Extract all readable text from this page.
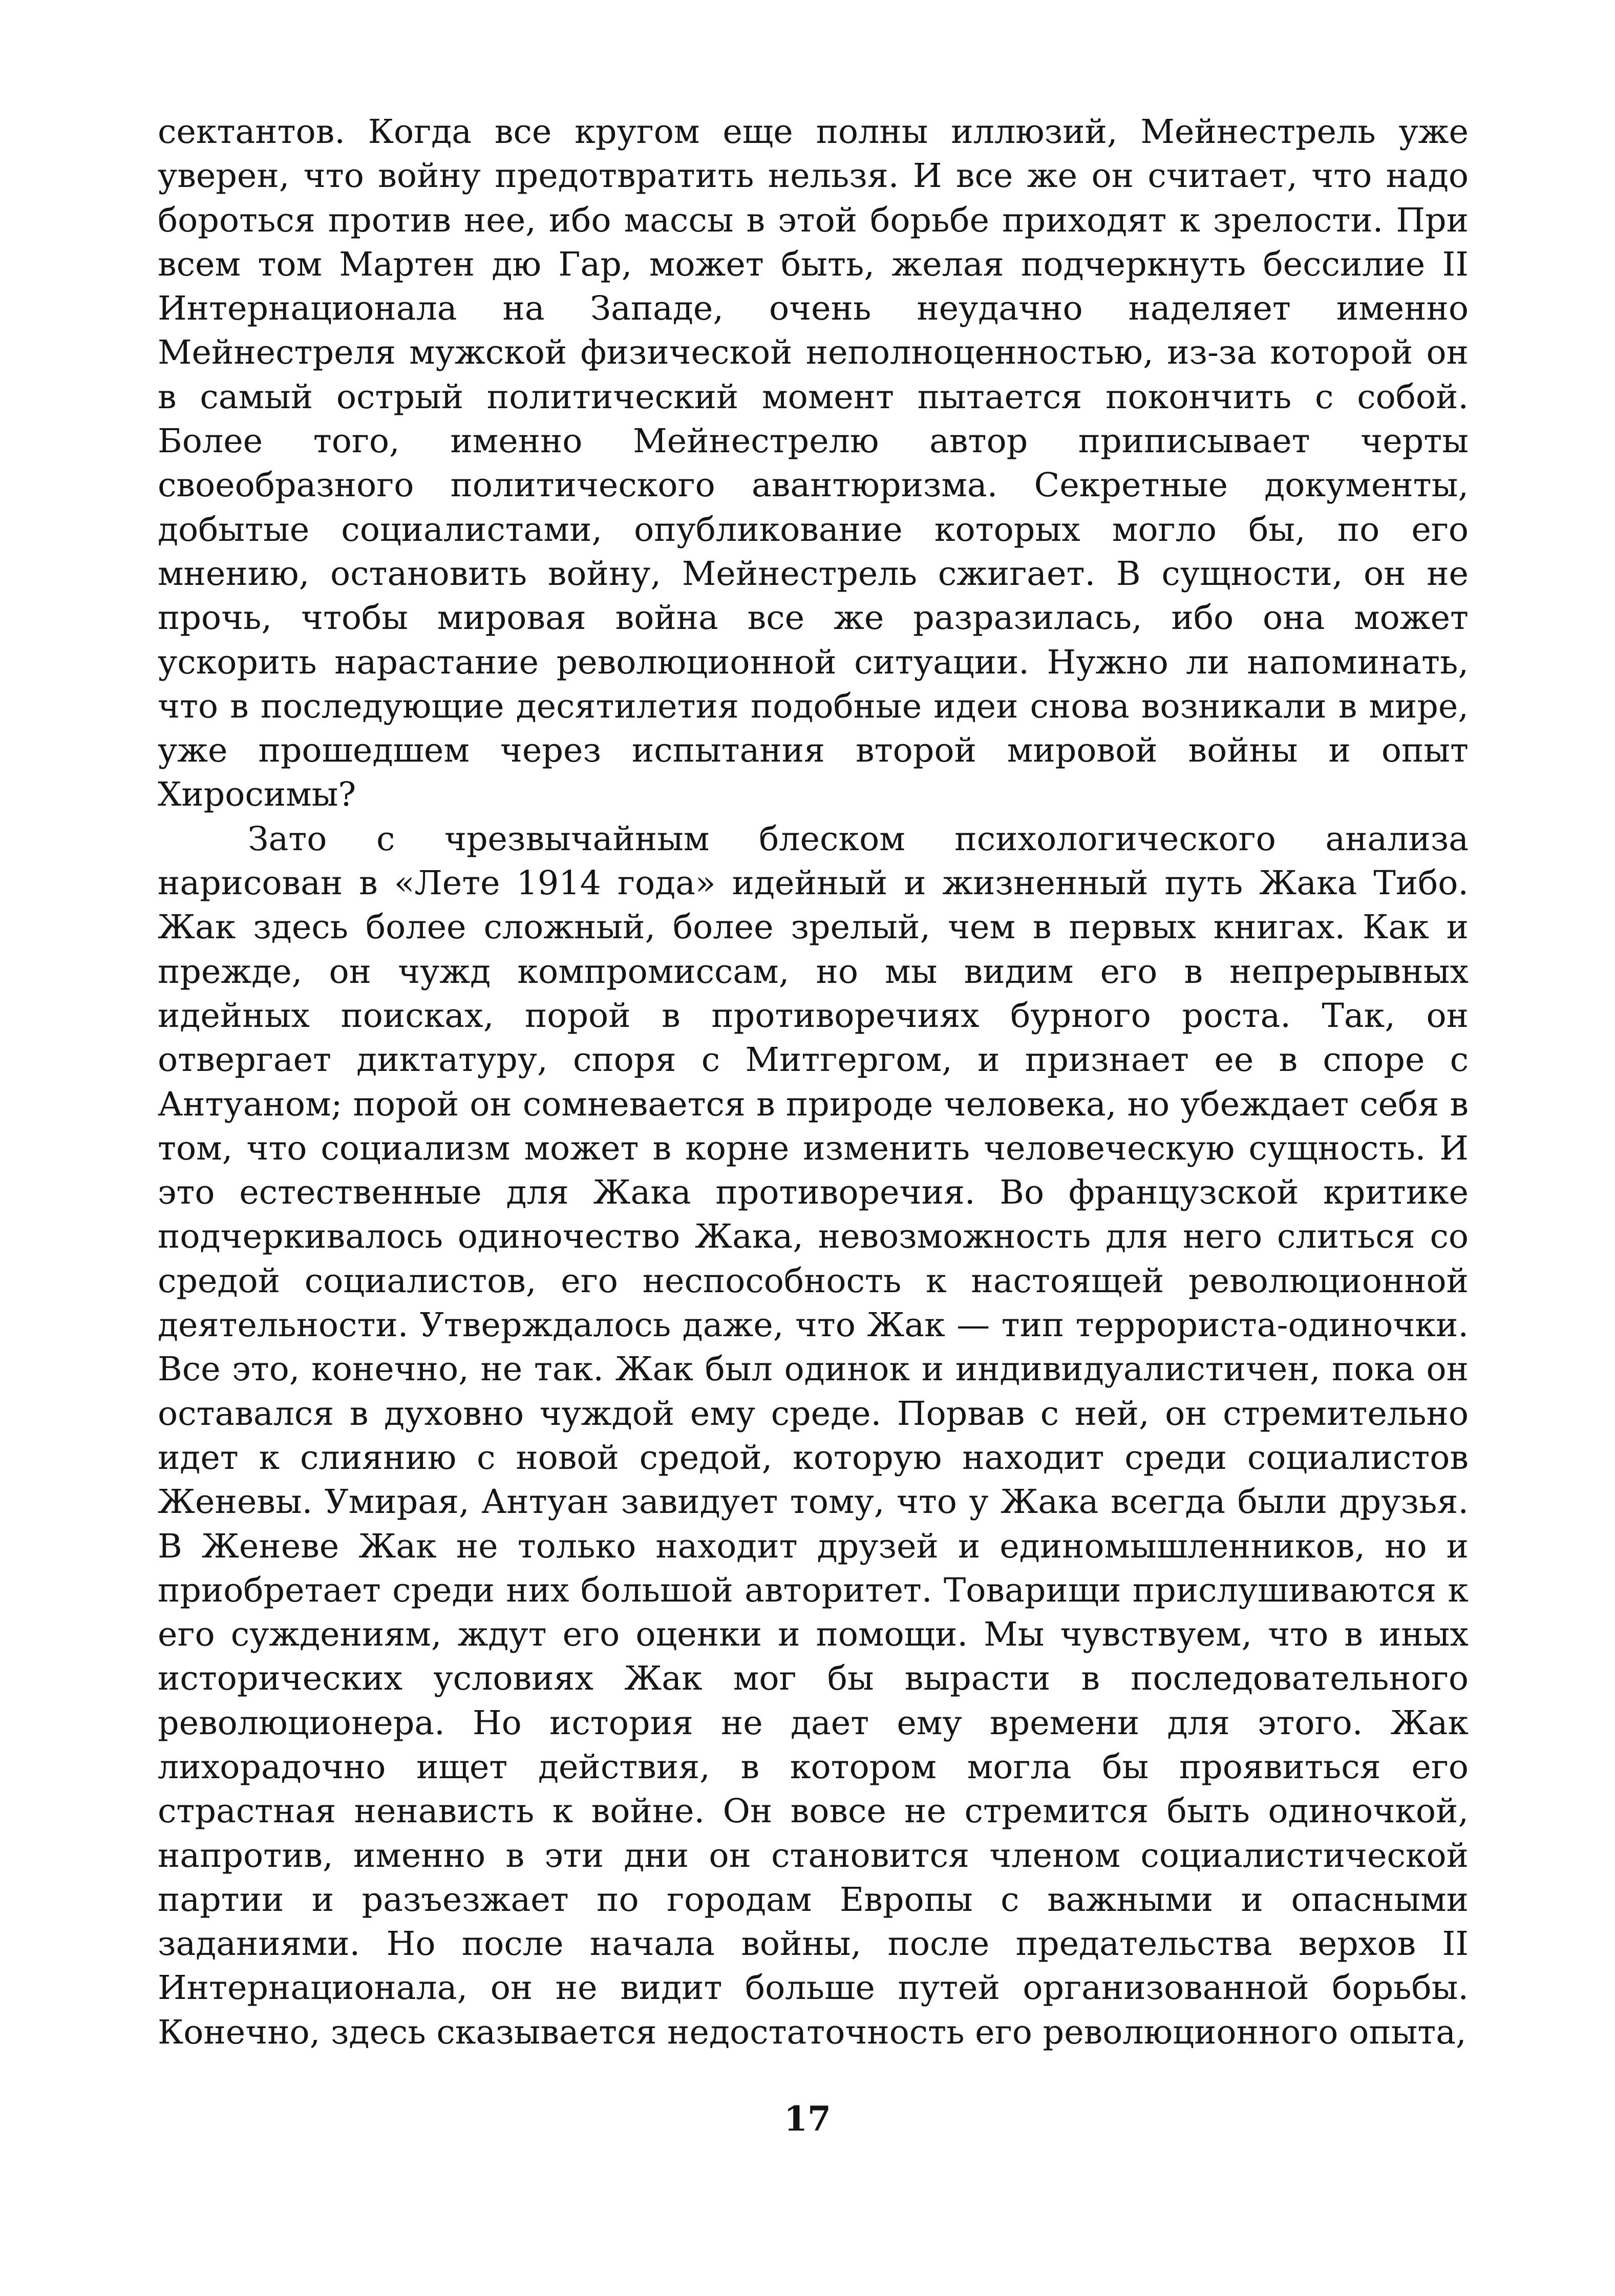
сектантов. Когда все кругом еще полны иллюзий, Мейнестрель уже уверен, что войну предотвратить нельзя. И все же он считает, что надо бороться против нее, ибо массы в этой борьбе приходят к зрелости. При всем том Мартен дю Гар, может быть, желая подчеркнуть бессилие II Интернационала на Западе, очень неудачно наделяет именно Мейнестреля мужской физической неполноценностью, из-за которой он в самый острый политический момент пытается покончить с собой. Более того, именно Мейнестрелю автор приписывает черты своеобразного политического авантюризма. Секретные документы, добытые социалистами, опубликование которых могло бы, по его мнению, остановить войну, Мейнестрель сжигает. В сущности, он не прочь, чтобы мировая война все же разразилась, ибо она может ускорить нарастание революционной ситуации. Нужно ли напоминать, что в последующие десятилетия подобные идеи снова возникали в мире, уже прошедшем через испытания второй мировой войны и опыт Хиросимы?

Зато с чрезвычайным блеском психологического анализа нарисован в «Лете 1914 года» идейный и жизненный путь Жака Тибо. Жак здесь более сложный, более зрелый, чем в первых книгах. Как и прежде, он чужд компромиссам, но мы видим его в непрерывных идейных поисках, порой в противоречиях бурного роста. Так, он отвергает диктатуру, споря с Митгергом, и признает ее в споре с Антуаном; порой он сомневается в природе человека, но убеждает себя в том, что социализм может в корне изменить человеческую сущность. И это естественные для Жака противоречия. Во французской критике подчеркивалось одиночество Жака, невозможность для него слиться со средой социалистов, его неспособность к настоящей революционной деятельности. Утверждалось даже, что Жак — тип террориста-одиночки. Все это, конечно, не так. Жак был одинок и индивидуалистичен, пока он оставался в духовно чуждой ему среде. Порвав с ней, он стремительно идет к слиянию с новой средой, которую находит среди социалистов Женевы. Умирая, Антуан завидует тому, что у Жака всегда были друзья. В Женеве Жак не только находит друзей и единомышленников, но и приобретает среди них большой авторитет. Товарищи прислушиваются к его суждениям, ждут его оценки и помощи. Мы чувствуем, что в иных исторических условиях Жак мог бы вырасти в последовательного революционера. Но история не дает ему времени для этого. Жак лихорадочно ищет действия, в котором могла бы проявиться его страстная ненависть к войне. Он вовсе не стремится быть одиночкой, напротив, именно в эти дни он становится членом социалистической партии и разъезжает по городам Европы с важными и опасными заданиями. Но после начала войны, после предательства верхов II Интернационала, он не видит больше путей организованной борьбы. Конечно, здесь сказывается недостаточность его революционного опыта,

17
